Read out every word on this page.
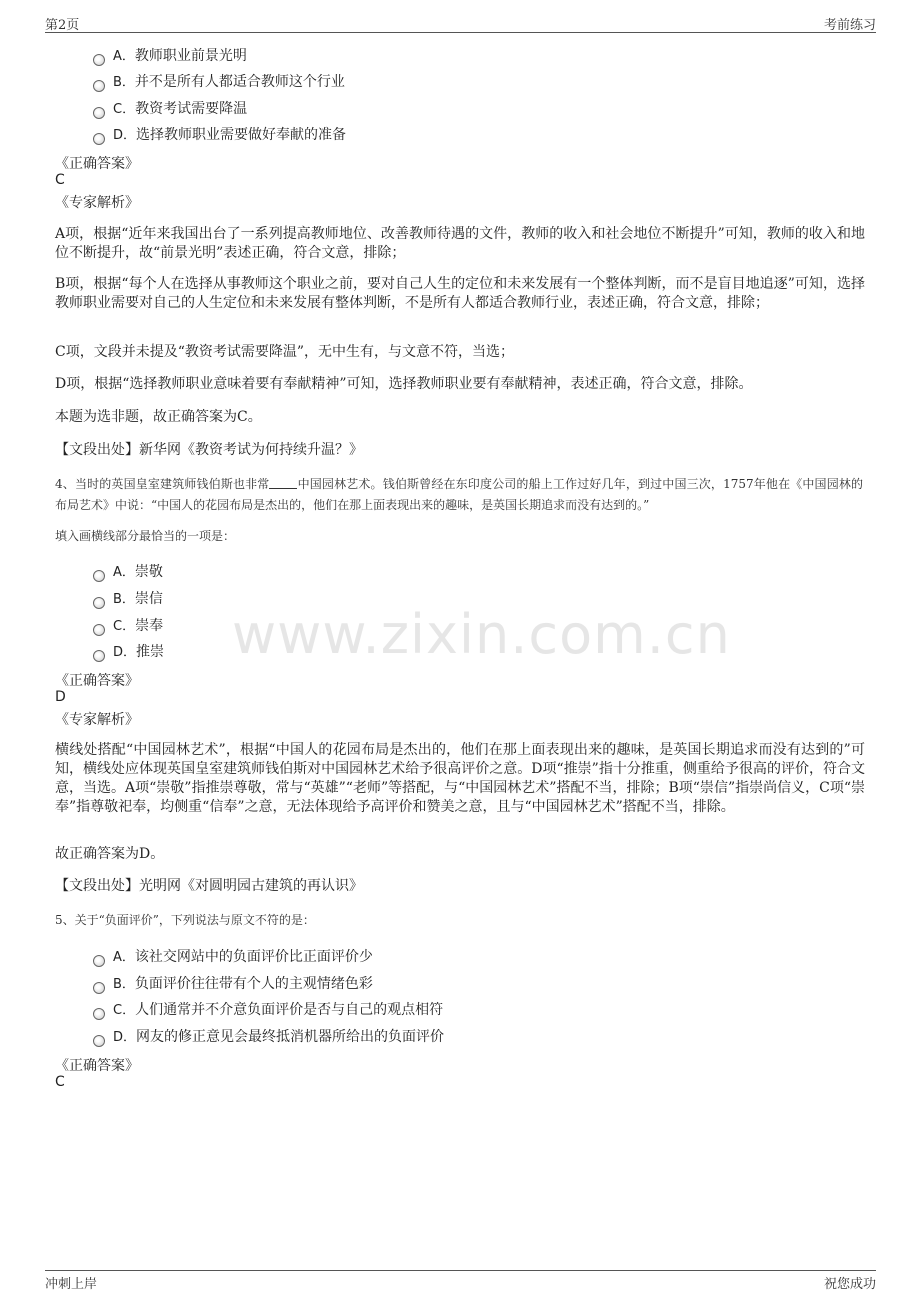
第2页	考前练习
www.zixin.com.cn
A．教师职业前景光明
B．并不是所有人都适合教师这个行业
C．教资考试需要降温
D．选择教师职业需要做好奉献的准备
《正确答案》
C
《专家解析》
A项，根据“近年来我国出台了一系列提高教师地位、改善教师待遇的文件，教师的收入和社会地位不断提升”可知，教师的收入和地位不断提升，故“前景光明”表述正确，符合文意，排除；
B项，根据“每个人在选择从事教师这个职业之前，要对自己人生的定位和未来发展有一个整体判断，而不是盲目地追逐”可知，选择教师职业需要对自己的人生定位和未来发展有整体判断，不是所有人都适合教师行业，表述正确，符合文意，排除；
C项，文段并未提及“教资考试需要降温”，无中生有，与文意不符，当选；
D项，根据“选择教师职业意味着要有奉献精神”可知，选择教师职业要有奉献精神，表述正确，符合文意，排除。
本题为选非题，故正确答案为C。
【文段出处】新华网《教资考试为何持续升温？》
4、当时的英国皇室建筑师钱伯斯也非常 中国园林艺术。钱伯斯曾经在东印度公司的船上工作过好几年，到过中国三次，1757年他在《中国园林的布局艺术》中说：“中国人的花园布局是杰出的，他们在那上面表现出来的趣味，是英国长期追求而没有达到的。”
填入画横线部分最恰当的一项是：
A．崇敬
B．崇信
C．崇奉
D．推崇
《正确答案》
D
《专家解析》
横线处搭配“中国园林艺术”，根据“中国人的花园布局是杰出的，他们在那上面表现出来的趣味，是英国长期追求而没有达到的”可知，横线处应体现英国皇室建筑师钱伯斯对中国园林艺术给予很高评价之意。D项“推崇”指十分推重，侧重给予很高的评价，符合文意，当选。A项“崇敬”指推崇尊敬，常与“英雄”“老师”等搭配，与“中国园林艺术”搭配不当，排除；B项“崇信”指崇尚信义，C项“崇奉”指尊敬祀奉，均侧重“信奉”之意，无法体现给予高评价和赞美之意，且与“中国园林艺术”搭配不当，排除。
故正确答案为D。
【文段出处】光明网《对圆明园古建筑的再认识》
5、关于“负面评价”，下列说法与原文不符的是：
A．该社交网站中的负面评价比正面评价少
B．负面评价往往带有个人的主观情绪色彩
C．人们通常并不介意负面评价是否与自己的观点相符
D．网友的修正意见会最终抵消机器所给出的负面评价
《正确答案》
C
冲刺上岸	祝您成功
